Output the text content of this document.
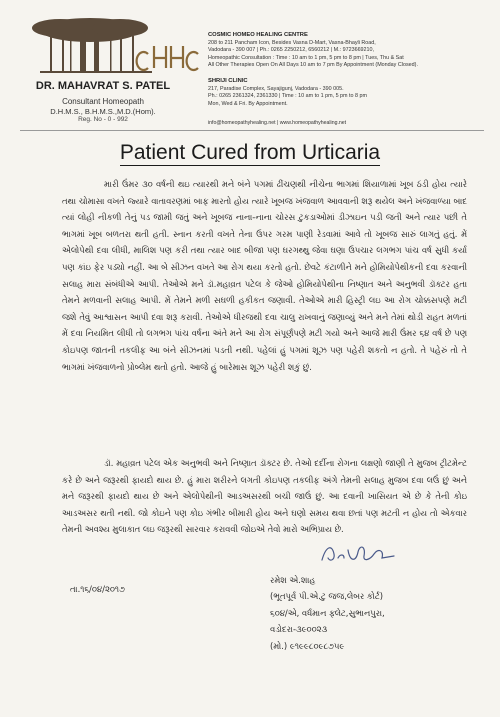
DR. MAHAVRAT S. PATEL
Consultant Homeopath
D.H.M.S., B.H.M.S.,M.D.(Hom).
Reg. No - 0 - 992
COSMIC HOMEO HEALING CENTRE
208 to 211 Pancham Icon, Besides Vasna D-Mart, Vasna-Bhayli Road,
Vadodara - 390 007 | Ph.: 0265 2250212, 6560212 | M.: 9723669210,
Homeopathic Consultation : Time : 10 am to 1 pm, 5 pm to 8 pm | Tues, Thu & Sat
All Other Therapies Open On All Days 10 am to 7 pm By Appointment (Monday Closed).
SHRIJI CLINIC
217, Paradise Complex, Sayajigunj, Vadodara - 390 005.
Ph.: 0265 2361324, 2361330 | Time : 10 am to 1 pm, 5 pm to 8 pm
Mon, Wed & Fri. By Appointment.
info@homeopathyhealing.net | www.homeopathyhealing.net
Patient Cured from Urticaria
મારી ઉંમર ૩૦ વર્ષની થઇ ત્યારથી મને બંને પગમાં ઢીંચણથી નીચેના ભાગમાં શિયાળામાં ખૂબ ઠંડી હોય ત્યારે તથા ચોમાસા વખતે જ્યારે વાતાવરણમાં બાફ મારતો હોય ત્યારે ખૂબજ ખંજવાળ આવવાની શરૂ થયેલ અને ખંજવાળ્યા બાદ ત્યાં લોહી નીકળી તેનું પડ જામી જતું અને ખૂબજ નાના-નાના ચોરસ ટુકડાઓમાં ડીઝાઇન પડી જતી અને ત્યાર પછી તે ભાગમાં ખૂબ બળતરા થતી હતી. સ્નાન કરતી વખતે તેના ઉપર ગરમ પાણી રેડવામાં આવે તો ખૂબજ સારું લાગતું હતું. મેં એલોપેથી દવા લીધી, માલિશ પણ કરી તથા ત્યાર બાદ બીજા પણ ઘરગથ્થુ જેવા ઘણા ઉપચાર લગભગ પાંચ વર્ષ સુધી કર્યા પણ કાંઇ ફેર પડ્યો નહીં. આ બે સીઝન વખતે આ રોગ થયા કરતો હતો. છેવટે કંટાળીને મને હોમિયોપેથીકની દવા કરવાની સલાહ મારા સંબંધીએ આપી. તેઓએ મને ડૉ.મહાવ્રત પટેલ કે જેઓ હોમિયોપેથીના નિષ્ણાત અને અનુભવી ડૉક્ટર હતા તેમને મળવાની સલાહ આપી. મેં તેમને મળી સઘળી હકીકત જણાવી. તેઓએ મારી હિસ્ટ્રી લઇ આ રોગ ચોક્કસપણે મટી જશે તેવું આશ્વાસન આપી દવા શરૂ કરાવી. તેઓએ ધીરજથી દવા ચાલુ રાખવાનું જણાવ્યું અને મને તેમાં થોડી રાહત મળતાં મેં દવા નિયમિત લીધી તો લગભગ પાંચ વર્ષના અંતે મને આ રોગ સંપૂર્ણપણે મટી ગયો અને આજે મારી ઉંમર ૬૪ વર્ષ છે પણ કોઇપણ જાતની તકલીફ આ બંને સીઝનમાં પડતી નથી. પહેલાં હું પગમાં શૂઝ પણ પહેરી શકતો ન હતો. તે પહેરું તો તે ભાગમાં ખંજવાળનો પ્રોબ્લેમ થતો હતો. આજે હું બારેમાસ શૂઝ પહેરી શકું છું.
ડૉ. મહાવ્રત પટેલ એક અનુભવી અને નિષ્ણાત ડૉક્ટર છે. તેઓ દર્દીના રોગના લક્ષણો જાણી તે મુજબ ટ્રીટમેન્ટ કરે છે અને જરૂરથી ફાયદો થાય છે. હું મારા શરીરને લગતી કોઇપણ તકલીફ અંગે તેમની સલાહ મુજબ દવા લઉં છું અને મને જરૂરથી ફાયદો થાય છે અને એલોપેથીની આડઅસરથી બચી જાઉં છું. આ દવાની ખાસિયત એ છે કે તેની કોઇ આડઅસર થતી નથી. જો કોઇને પણ કોઇ ગંભીર બીમારી હોય અને ઘણો સમય થવા છતાં પણ મટતી ન હોય તો એકવાર તેમની અવશ્ય મુલાકાત લઇ જરૂરથી સારવાર કરાવવી જોઇએ તેવો મારો અભિપ્રાય છે.
તા.૧૬/૦૪/૨૦૧૭
રમેશ એ.શાહ
(ભૂતપૂર્વ પી.એ.ટુ જજ,લેબર કોર્ટ)
૬૦૪/એ, વર્ધમાન ફ્લેટ,સુભાનપુરા,
વડોદરા-૩૯૦૦૨૩
(મો.) ૯૧૯૯૮૦૯૮૭૫૯
